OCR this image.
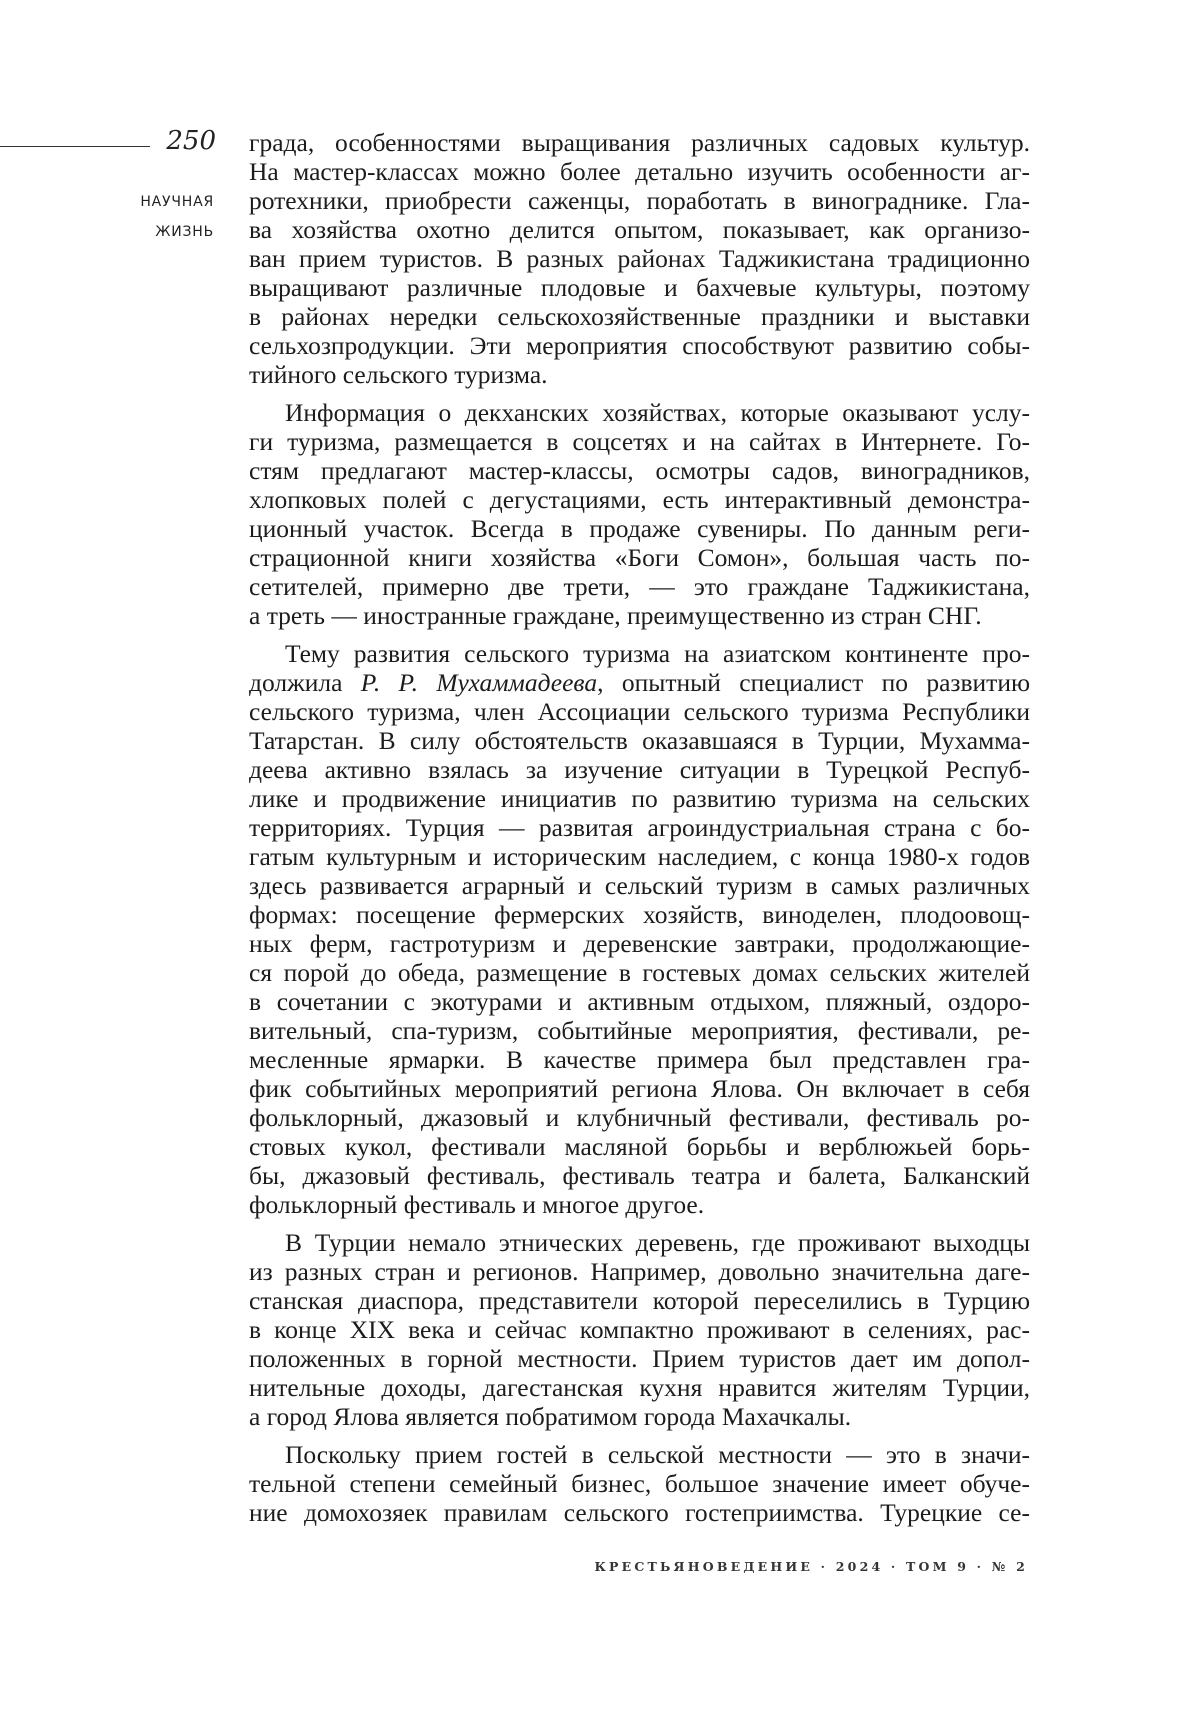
250
НАУЧНАЯ
ЖИЗНЬ
града, особенностями выращивания различных садовых культур.
На мастер-классах можно более детально изучить особенности аг-
ротехники, приобрести саженцы, поработать в винограднике. Гла-
ва хозяйства охотно делится опытом, показывает, как организо-
ван прием туристов. В разных районах Таджикистана традиционно
выращивают различные плодовые и бахчевые культуры, поэтому
в районах нередки сельскохозяйственные праздники и выставки
сельхозпродукции. Эти мероприятия способствуют развитию собы-
тийного сельского туризма.
Информация о декханских хозяйствах, которые оказывают услу-
ги туризма, размещается в соцсетях и на сайтах в Интернете. Го-
стям предлагают мастер-классы, осмотры садов, виноградников,
хлопковых полей с дегустациями, есть интерактивный демонстра-
ционный участок. Всегда в продаже сувениры. По данным реги-
страционной книги хозяйства «Боги Сомон», большая часть по-
сетителей, примерно две трети, — это граждане Таджикистана,
а треть — иностранные граждане, преимущественно из стран СНГ.
Тему развития сельского туризма на азиатском континенте про-
должила Р. Р. Мухаммадеева, опытный специалист по развитию
сельского туризма, член Ассоциации сельского туризма Республики
Татарстан. В силу обстоятельств оказавшаяся в Турции, Мухамма-
деева активно взялась за изучение ситуации в Турецкой Респуб-
лике и продвижение инициатив по развитию туризма на сельских
территориях. Турция — развитая агроиндустриальная страна с бо-
гатым культурным и историческим наследием, с конца 1980-х годов
здесь развивается аграрный и сельский туризм в самых различных
формах: посещение фермерских хозяйств, виноделен, плодоовощ-
ных ферм, гастротуризм и деревенские завтраки, продолжающие-
ся порой до обеда, размещение в гостевых домах сельских жителей
в сочетании с экотурами и активным отдыхом, пляжный, оздоро-
вительный, спа-туризм, событийные мероприятия, фестивали, ре-
месленные ярмарки. В качестве примера был представлен гра-
фик событийных мероприятий региона Ялова. Он включает в себя
фольклорный, джазовый и клубничный фестивали, фестиваль ро-
стовых кукол, фестивали масляной борьбы и верблюжьей борь-
бы, джазовый фестиваль, фестиваль театра и балета, Балканский
фольклорный фестиваль и многое другое.
В Турции немало этнических деревень, где проживают выходцы
из разных стран и регионов. Например, довольно значительна даге-
станская диаспора, представители которой переселились в Турцию
в конце XIX века и сейчас компактно проживают в селениях, рас-
положенных в горной местности. Прием туристов дает им допол-
нительные доходы, дагестанская кухня нравится жителям Турции,
а город Ялова является побратимом города Махачкалы.
Поскольку прием гостей в сельской местности — это в значи-
тельной степени семейный бизнес, большое значение имеет обуче-
ние домохозяек правилам сельского гостеприимства. Турецкие се-
КРЕСТЬЯНОВЕДЕНИЕ · 2024 · ТОМ 9 · № 2
